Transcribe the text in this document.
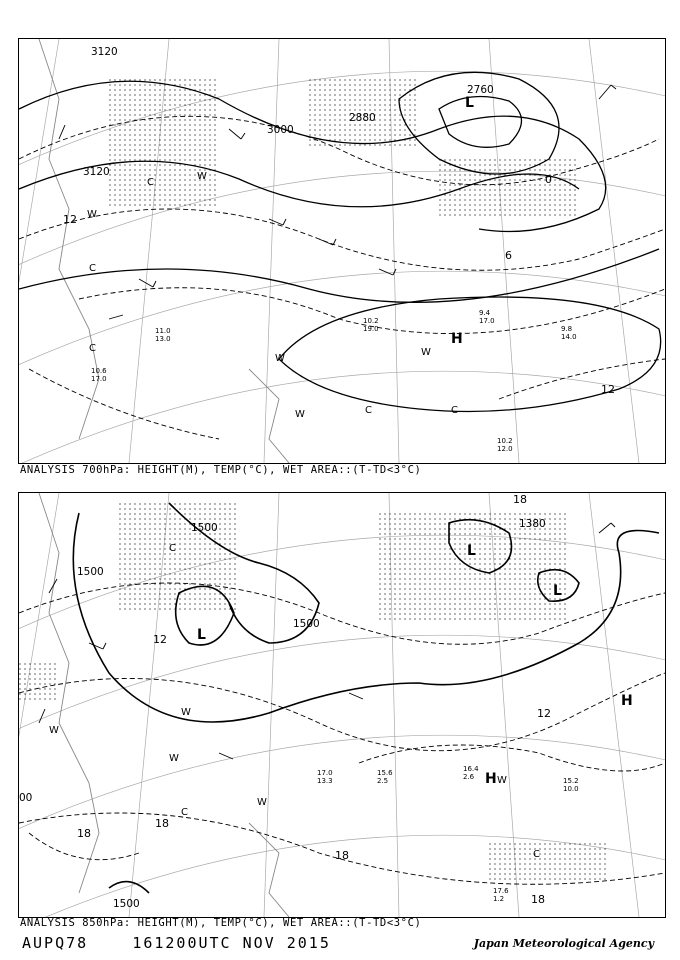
3120
3000
3120
2880
2760
12
0
6
12
L
H
W
W
W
W
W
C
C
C
C	C
10.2
12.0
9.8
14.0
9.4
17.0
10.2
19.0
11.0
13.0
10.6
17.0
ANALYSIS 700hPa: HEIGHT(M), TEMP(°C), WET AREA::(T-TD<3°C)
1500
1500
1500
1380
1500
00
12
12
18
18
18
18
18
L
L
L
H
H
W
W
W
W
W
C
C
C
17.6
1.2
16.4
2.6
15.6
2.5
17.0
13.3	15.2
10.0
ANALYSIS 850hPa: HEIGHT(M), TEMP(°C), WET AREA::(T-TD<3°C)
AUPQ78	161200UTC NOV 2015	Japan Meteorological Agency
